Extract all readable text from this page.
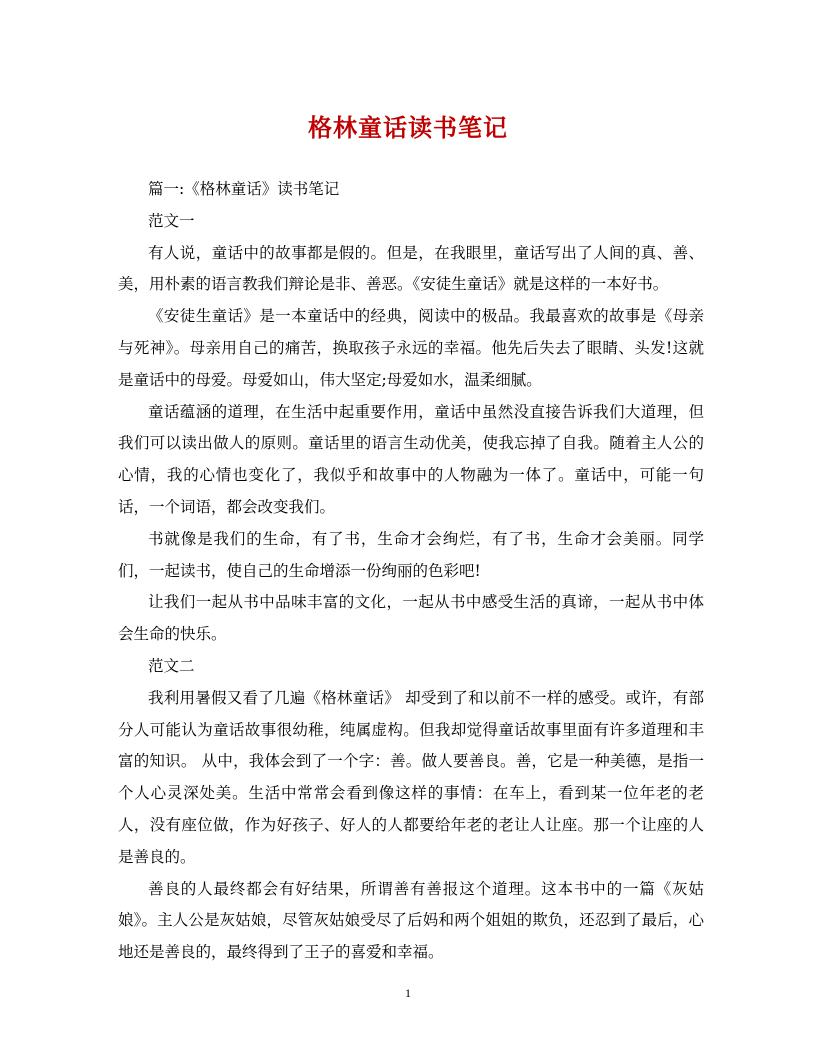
格林童话读书笔记

篇一:《格林童话》读书笔记

范文一

有人说，童话中的故事都是假的。但是，在我眼里，童话写出了人间的真、善、美，用朴素的语言教我们辩论是非、善恶。《安徒生童话》就是这样的一本好书。

《安徒生童话》是一本童话中的经典，阅读中的极品。我最喜欢的故事是《母亲与死神》。母亲用自己的痛苦，换取孩子永远的幸福。他先后失去了眼睛、头发!这就是童话中的母爱。母爱如山，伟大坚定;母爱如水，温柔细腻。

童话蕴涵的道理，在生活中起重要作用，童话中虽然没直接告诉我们大道理，但我们可以读出做人的原则。童话里的语言生动优美，使我忘掉了自我。随着主人公的心情，我的心情也变化了，我似乎和故事中的人物融为一体了。童话中，可能一句话，一个词语，都会改变我们。

书就像是我们的生命，有了书，生命才会绚烂，有了书，生命才会美丽。同学们，一起读书，使自己的生命增添一份绚丽的色彩吧!

让我们一起从书中品味丰富的文化，一起从书中感受生活的真谛，一起从书中体会生命的快乐。

范文二

我利用暑假又看了几遍《格林童话》 却受到了和以前不一样的感受。或许，有部分人可能认为童话故事很幼稚，纯属虚构。但我却觉得童话故事里面有许多道理和丰富的知识。 从中，我体会到了一个字：善。做人要善良。善，它是一种美德，是指一个人心灵深处美。生活中常常会看到像这样的事情：在车上，看到某一位年老的老人，没有座位做，作为好孩子、好人的人都要给年老的老让人让座。那一个让座的人是善良的。

善良的人最终都会有好结果，所谓善有善报这个道理。这本书中的一篇《灰姑娘》。主人公是灰姑娘，尽管灰姑娘受尽了后妈和两个姐姐的欺负，还忍到了最后，心地还是善良的，最终得到了王子的喜爱和幸福。

1
